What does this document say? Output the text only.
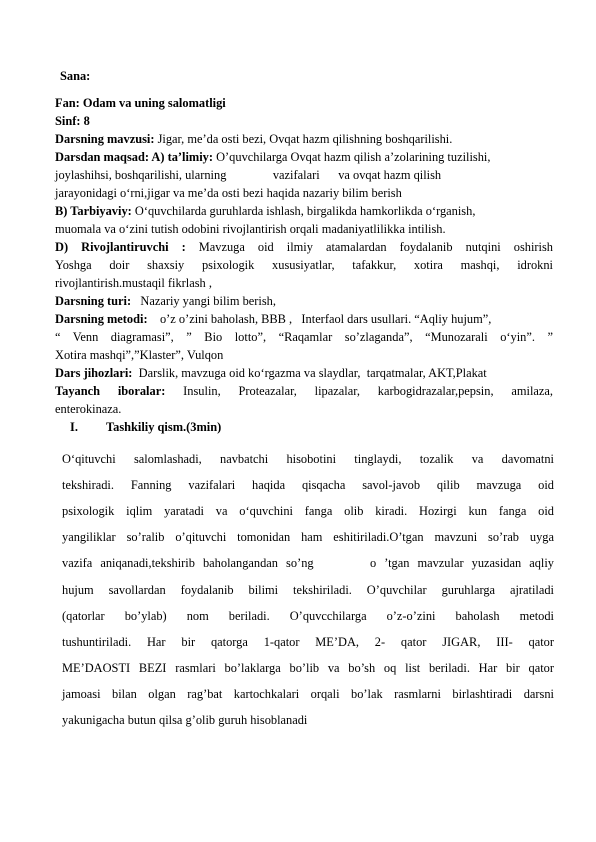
Sana:
Fan: Odam va uning salomatligi
Sinf: 8
Darsning mavzusi: Jigar, me’da osti bezi, Ovqat hazm qilishning boshqarilishi.
Darsdan maqsad: A) ta’limiy: O’quvchilarga Ovqat hazm qilish a’zolarining tuzilishi,
joylashihsi, boshqarilishi, ularning               vazifalari      va ovqat hazm qilish
jarayonidagi o‘rni,jigar va me’da osti bezi haqida nazariy bilim berish
B) Tarbiyaviy: O‘quvchilarda guruhlarda ishlash, birgalikda hamkorlikda o‘rganish,
muomala va o‘zini tutish odobini rivojlantirish orqali madaniyatlilikka intilish.
D) Rivojlantiruvchi : Mavzuga oid ilmiy atamalardan foydalanib nutqini oshirish
Yoshga doir shaxsiy psixologik xususiyatlar, tafakkur, xotira mashqi, idrokni
rivojlantirish.mustaqil fikrlash ,
Darsning turi:   Nazariy yangi bilim berish,
Darsning metodi:    o’z o’zini baholash, BBB ,   Interfaol dars usullari. “Aqliy hujum”,
“ Venn diagramasi”, ” Bio lotto”, “Raqamlar so’zlaganda”, “Munozarali o‘yin”. ”
Xotira mashqi”,”Klaster”, Vulqon
Dars jihozlari:  Darslik, mavzuga oid ko‘rgazma va slaydlar,  tarqatmalar, AKT,Plakat
Tayanch iboralar: Insulin, Proteazalar, lipazalar, karbogidrazalar,pepsin, amilaza,
enterokinaza.
I. Tashkiliy qism.(3min)
O‘qituvchi salomlashadi, navbatchi hisobotini tinglaydi, tozalik va davomatni
tekshiradi. Fanning vazifalari haqida qisqacha savol-javob qilib mavzuga oid
psixologik iqlim yaratadi va o‘quvchini fanga olib kiradi. Hozirgi kun fanga oid
yangiliklar so’ralib o’qituvchi tomonidan ham eshitiriladi.O’tgan mavzuni so’rab uyga
vazifa aniqanadi,tekshirib baholangandan so’ng       o ’tgan mavzular yuzasidan aqliy
hujum savollardan foydalanib bilimi tekshiriladi. O’quvchilar guruhlarga ajratiladi
(qatorlar bo’ylab) nom beriladi. O’quvcchilarga o’z-o’zini baholash metodi
tushuntiriladi. Har bir qatorga 1-qator ME’DA, 2- qator JIGAR, III- qator
ME’DAOSTI BEZI rasmlari bo’laklarga bo’lib va bo’sh oq list beriladi. Har bir qator
jamoasi bilan olgan rag’bat kartochkalari orqali bo’lak rasmlarni birlashtiradi darsni
yakunigacha butun qilsa g’olib guruh hisoblanadi
